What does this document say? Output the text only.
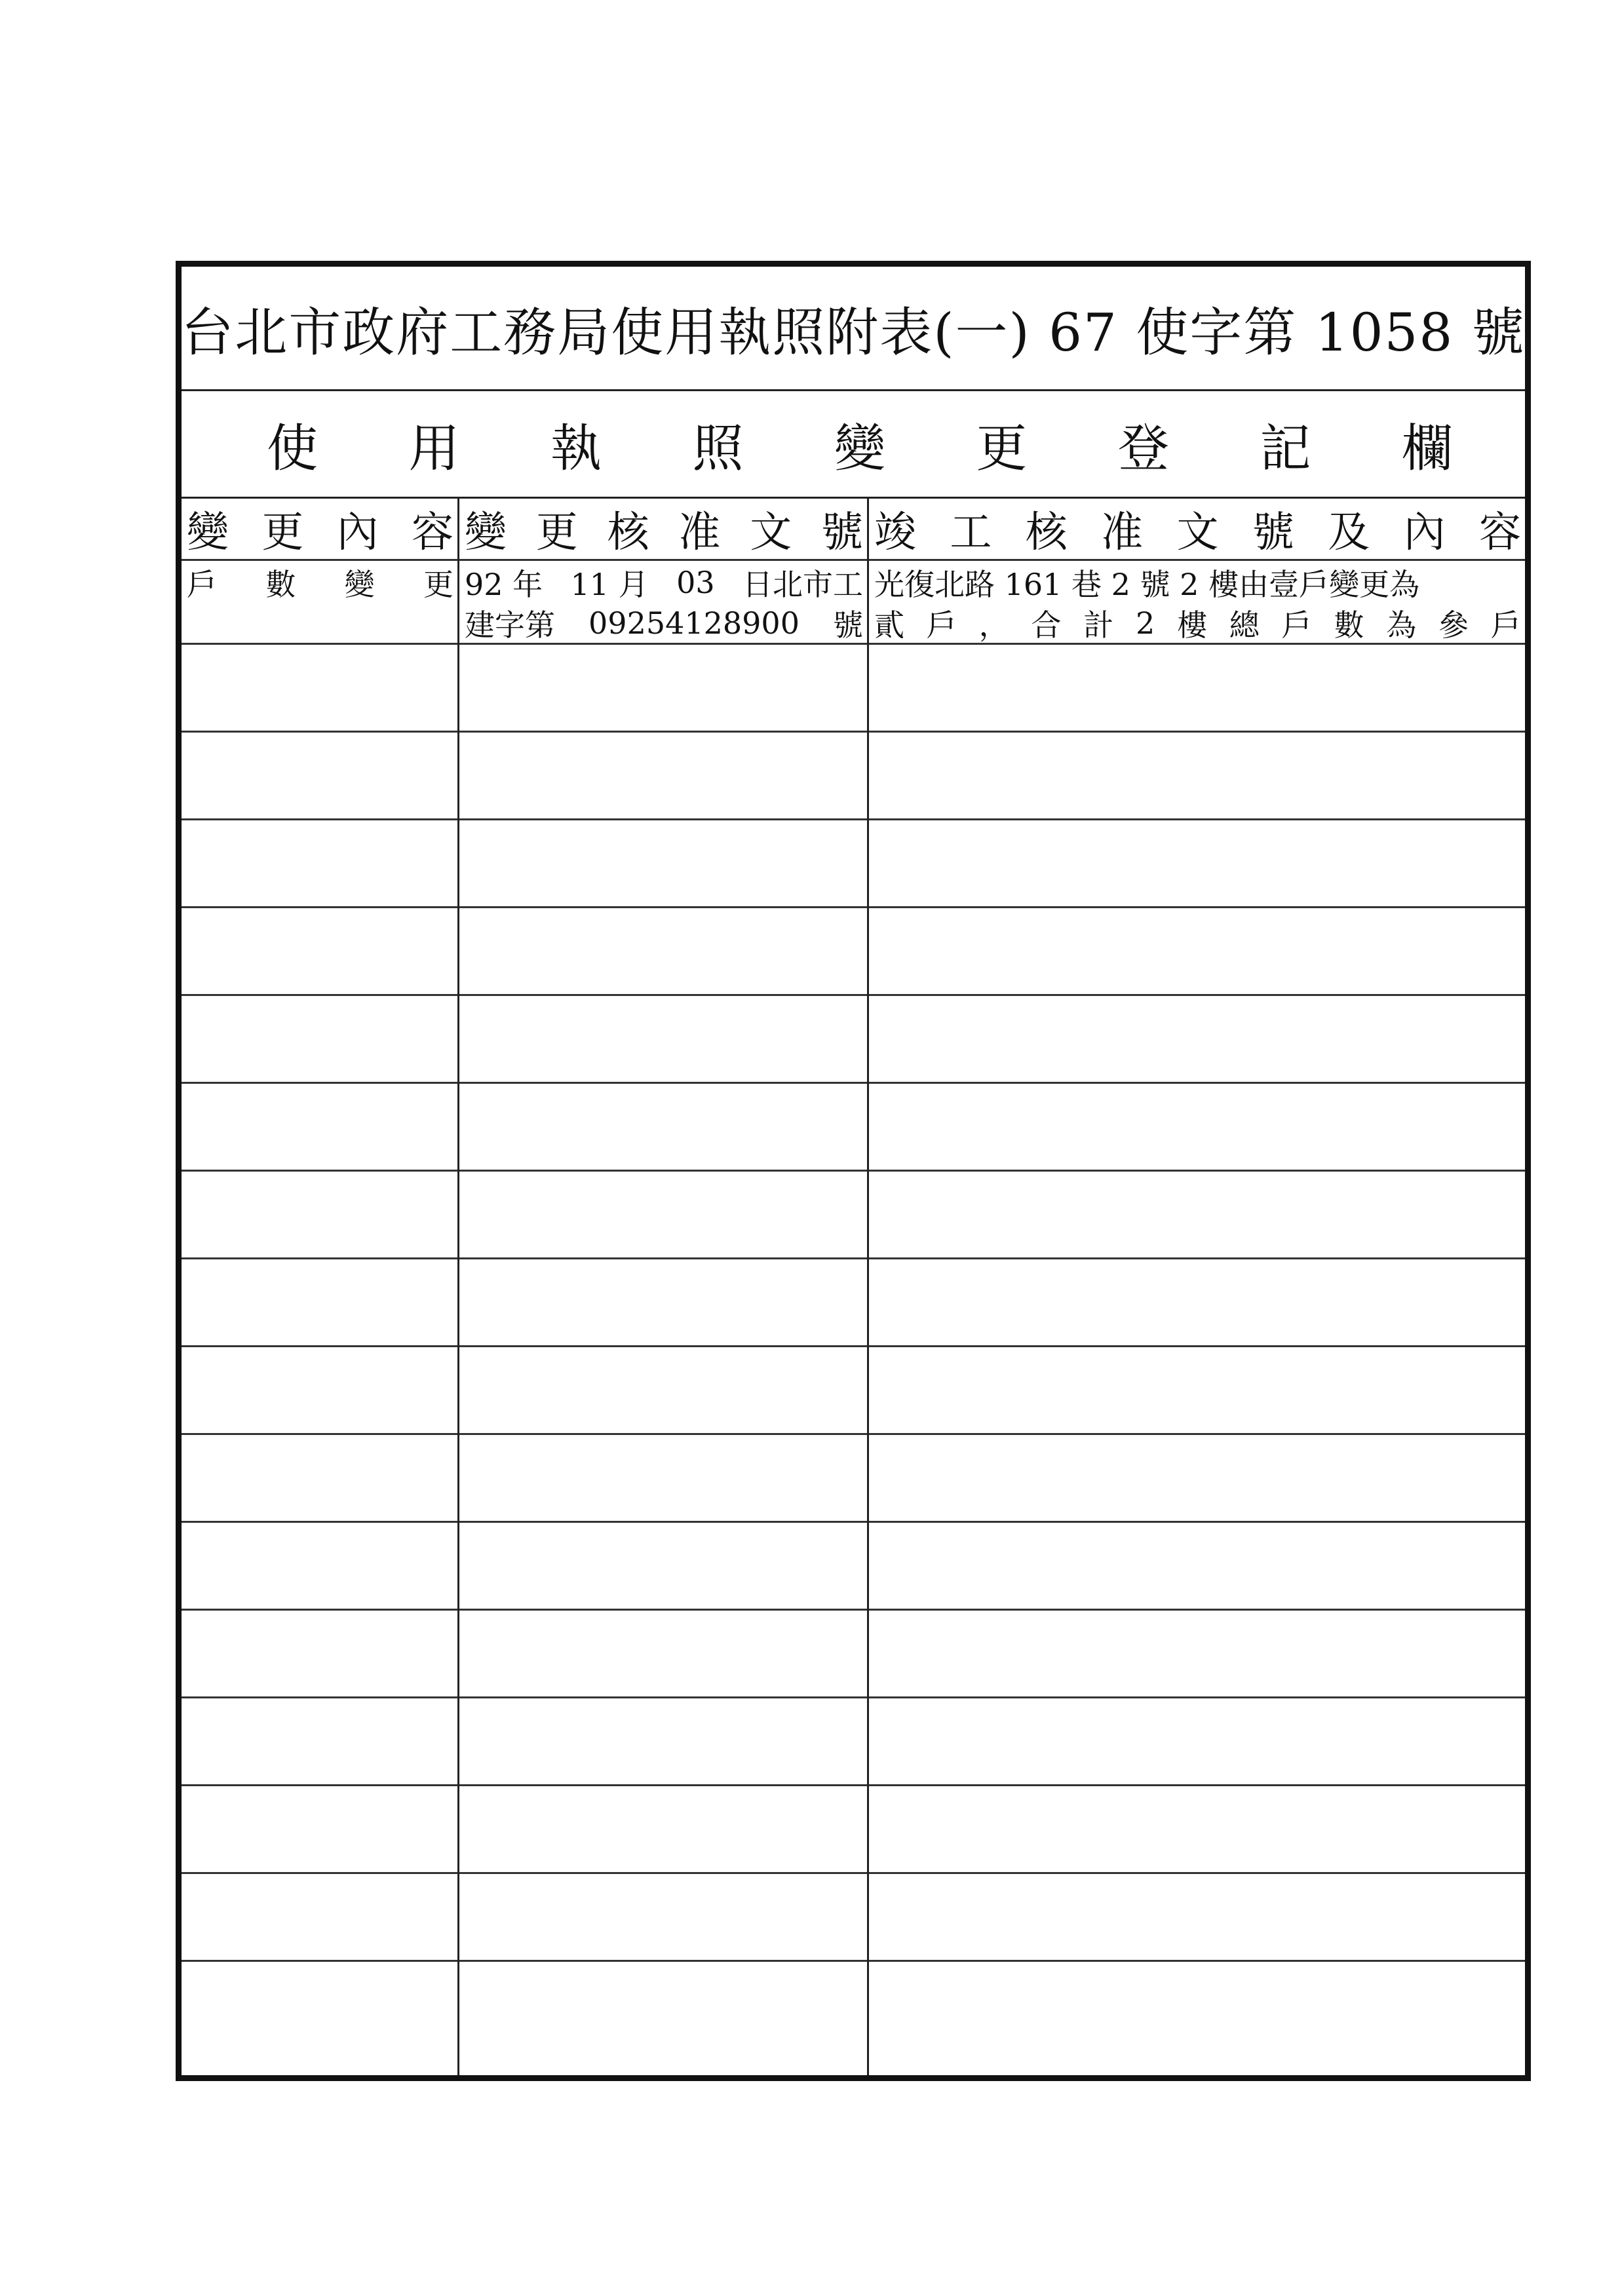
台北市政府工務局使用執照附表(一) 67 使字第 1058 號
使 用 執 照 變 更 登 記 欄
變 更 內 容 變 更 核 准 文 號 竣 工 核 准 文 號 及 內 容
戶 數 變 更 92 年 11 月 03 日北市工
建字第 09254128900 號
光復北路 161 巷 2 號 2 樓由壹戶變更為
貳 戶 ， 合 計 2 樓 總 戶 數 為 參 戶
